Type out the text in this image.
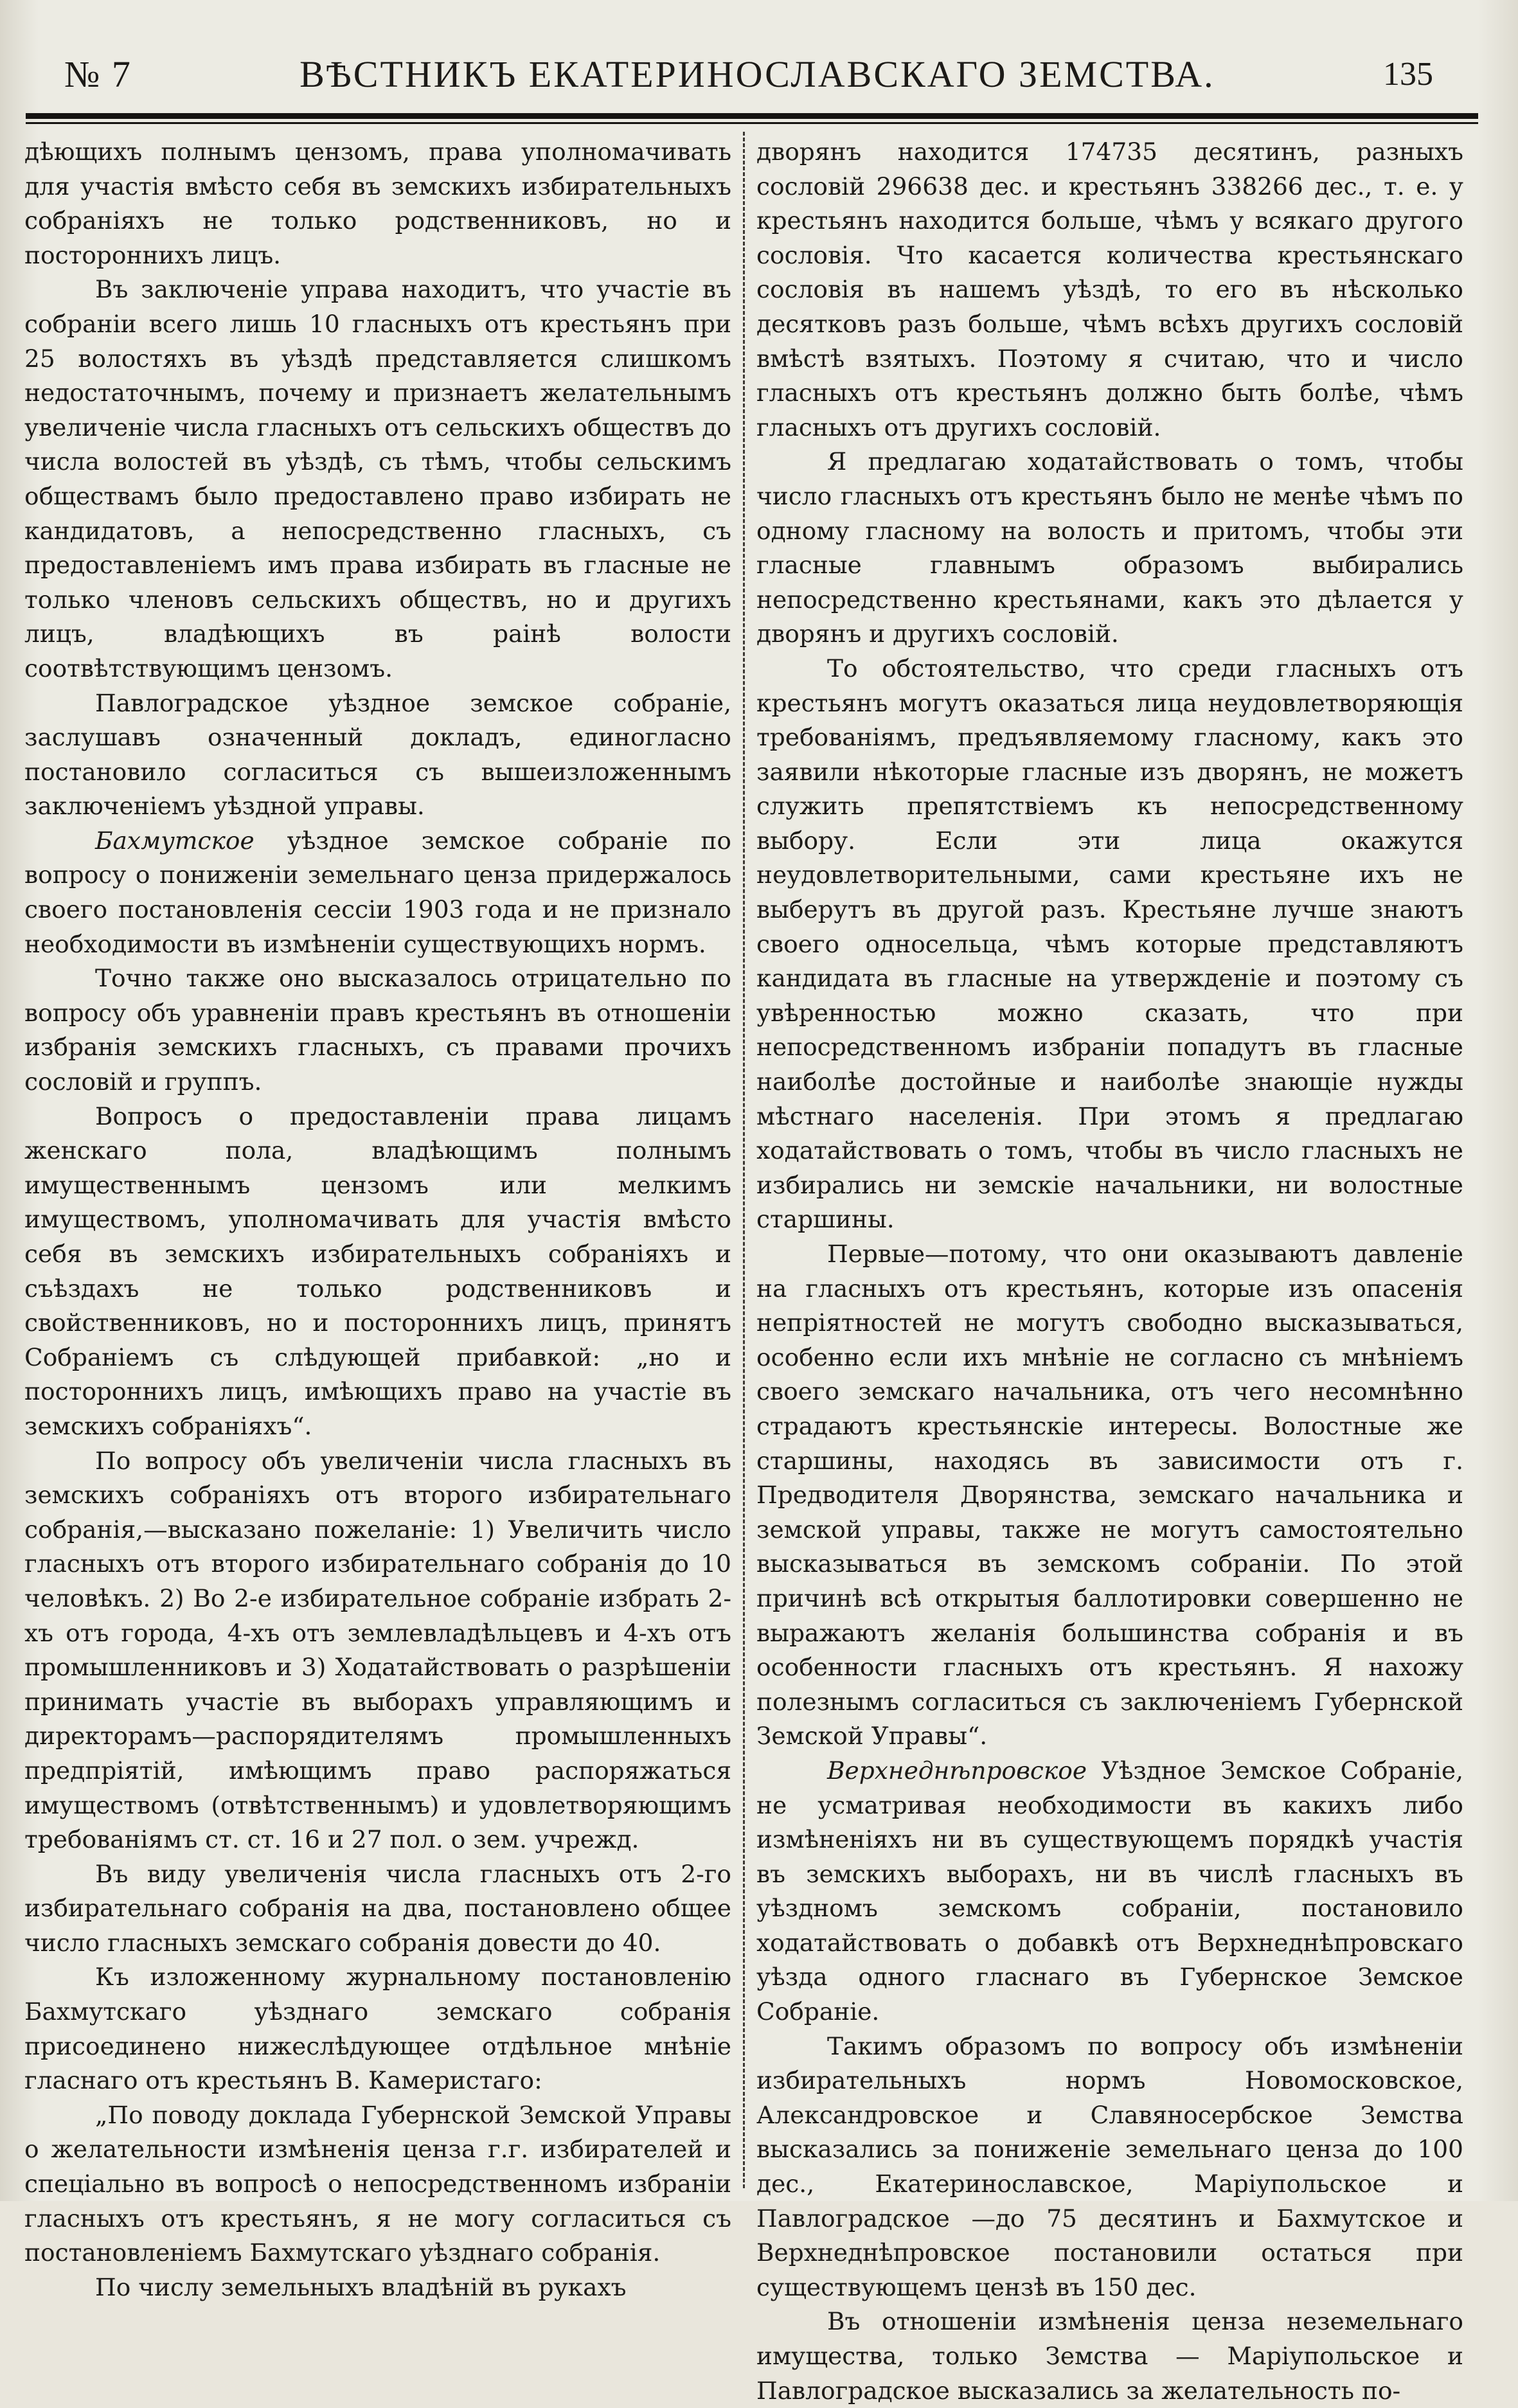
№ 7	ВѢСТНИКЪ ЕКАТЕРИНОСЛАВСКАГО ЗЕМСТВА.	135

дѣющихъ полнымъ цензомъ, права уполномачивать для участія вмѣсто себя въ земскихъ избирательныхъ собраніяхъ не только родственниковъ, но и постороннихъ лицъ.

Въ заключеніе управа находитъ, что участіе въ собраніи всего лишь 10 гласныхъ отъ крестьянъ при 25 волостяхъ въ уѣздѣ представляется слишкомъ недостаточнымъ, почему и признаетъ желательнымъ увеличеніе числа гласныхъ отъ сельскихъ обществъ до числа волостей въ уѣздѣ, съ тѣмъ, чтобы сельскимъ обществамъ было предоставлено право избирать не кандидатовъ, а непосредственно гласныхъ, съ предоставленіемъ имъ права избирать въ гласные не только членовъ сельскихъ обществъ, но и другихъ лицъ, владѣющихъ въ раінѣ волости соотвѣтствующимъ цензомъ.

Павлоградское уѣздное земское собраніе, заслушавъ означенный докладъ, единогласно постановило согласиться съ вышеизложеннымъ заключеніемъ уѣздной управы.

Бахмутское уѣздное земское собраніе по вопросу о пониженіи земельнаго ценза придержалось своего постановленія сессіи 1903 года и не признало необходимости въ измѣненіи существующихъ нормъ.

Точно также оно высказалось отрицательно по вопросу объ уравненіи правъ крестьянъ въ отношеніи избранія земскихъ гласныхъ, съ правами прочихъ сословій и группъ.

Вопросъ о предоставленіи права лицамъ женскаго пола, владѣющимъ полнымъ имущественнымъ цензомъ или мелкимъ имуществомъ, уполномачивать для участія вмѣсто себя въ земскихъ избирательныхъ собраніяхъ и съѣздахъ не только родственниковъ и свойственниковъ, но и постороннихъ лицъ, принятъ Собраніемъ съ слѣдующей прибавкой: „но и постороннихъ лицъ, имѣющихъ право на участіе въ земскихъ собраніяхъ“.

По вопросу объ увеличеніи числа гласныхъ въ земскихъ собраніяхъ отъ второго избирательнаго собранія,—высказано пожеланіе: 1) Увеличить число гласныхъ отъ второго избирательнаго собранія до 10 человѣкъ. 2) Во 2-е избирательное собраніе избрать 2-хъ отъ города, 4-хъ отъ землевладѣльцевъ и 4-хъ отъ промышленниковъ и 3) Ходатайствовать о разрѣшеніи принимать участіе въ выборахъ управляющимъ и директорамъ—распорядителямъ промышленныхъ предпріятій, имѣющимъ право распоряжаться имуществомъ (отвѣтственнымъ) и удовлетворяющимъ требованіямъ ст. ст. 16 и 27 пол. о зем. учрежд.

Въ виду увеличенія числа гласныхъ отъ 2-го избирательнаго собранія на два, постановлено общее число гласныхъ земскаго собранія довести до 40.

Къ изложенному журнальному постановленію Бахмутскаго уѣзднаго земскаго собранія присоединено нижеслѣдующее отдѣльное мнѣніе гласнаго отъ крестьянъ В. Камеристаго:

„По поводу доклада Губернской Земской Управы о желательности измѣненія ценза г.г. избирателей и спеціально въ вопросѣ о непосредственномъ избраніи гласныхъ отъ крестьянъ, я не могу согласиться съ постановленіемъ Бахмутскаго уѣзднаго собранія.

По числу земельныхъ владѣній въ рукахъ

дворянъ находится 174735 десятинъ, разныхъ сословій 296638 дес. и крестьянъ 338266 дес., т. е. у крестьянъ находится больше, чѣмъ у всякаго другого сословія. Что касается количества крестьянскаго сословія въ нашемъ уѣздѣ, то его въ нѣсколько десятковъ разъ больше, чѣмъ всѣхъ другихъ сословій вмѣстѣ взятыхъ. Поэтому я считаю, что и число гласныхъ отъ крестьянъ должно быть болѣе, чѣмъ гласныхъ отъ другихъ сословій.

Я предлагаю ходатайствовать о томъ, чтобы число гласныхъ отъ крестьянъ было не менѣе чѣмъ по одному гласному на волость и притомъ, чтобы эти гласные главнымъ образомъ выбирались непосредственно крестьянами, какъ это дѣлается у дворянъ и другихъ сословій.

То обстоятельство, что среди гласныхъ отъ крестьянъ могутъ оказаться лица неудовлетворяющія требованіямъ, предъявляемому гласному, какъ это заявили нѣкоторые гласные изъ дворянъ, не можетъ служить препятствіемъ къ непосредственному выбору. Если эти лица окажутся неудовлетворительными, сами крестьяне ихъ не выберутъ въ другой разъ. Крестьяне лучше знаютъ своего односельца, чѣмъ которые представляютъ кандидата въ гласные на утвержденіе и поэтому съ увѣренностью можно сказать, что при непосредственномъ избраніи попадутъ въ гласные наиболѣе достойные и наиболѣе знающіе нужды мѣстнаго населенія. При этомъ я предлагаю ходатайствовать о томъ, чтобы въ число гласныхъ не избирались ни земскіе начальники, ни волостные старшины.

Первые—потому, что они оказываютъ давленіе на гласныхъ отъ крестьянъ, которые изъ опасенія непріятностей не могутъ свободно высказываться, особенно если ихъ мнѣніе не согласно съ мнѣніемъ своего земскаго начальника, отъ чего несомнѣнно страдаютъ крестьянскіе интересы. Волостные же старшины, находясь въ зависимости отъ г. Предводителя Дворянства, земскаго начальника и земской управы, также не могутъ самостоятельно высказываться въ земскомъ собраніи. По этой причинѣ всѣ открытыя баллотировки совершенно не выражаютъ желанія большинства собранія и въ особенности гласныхъ отъ крестьянъ. Я нахожу полезнымъ согласиться съ заключеніемъ Губернской Земской Управы“.

Верхнеднѣпровское Уѣздное Земское Собраніе, не усматривая необходимости въ какихъ либо измѣненіяхъ ни въ существующемъ порядкѣ участія въ земскихъ выборахъ, ни въ числѣ гласныхъ въ уѣздномъ земскомъ собраніи, постановило ходатайствовать о добавкѣ отъ Верхнеднѣпровскаго уѣзда одного гласнаго въ Губернское Земское Собраніе.

Такимъ образомъ по вопросу объ измѣненіи избирательныхъ нормъ Новомосковское, Александровское и Славяносербское Земства высказались за пониженіе земельнаго ценза до 100 дес., Екатеринославское, Маріупольское и Павлоградское —до 75 десятинъ и Бахмутское и Верхнеднѣпровское постановили остаться при существующемъ цензѣ въ 150 дес.

Въ отношеніи измѣненія ценза неземельнаго имущества, только Земства — Маріупольское и Павлоградское высказались за желательность по-
